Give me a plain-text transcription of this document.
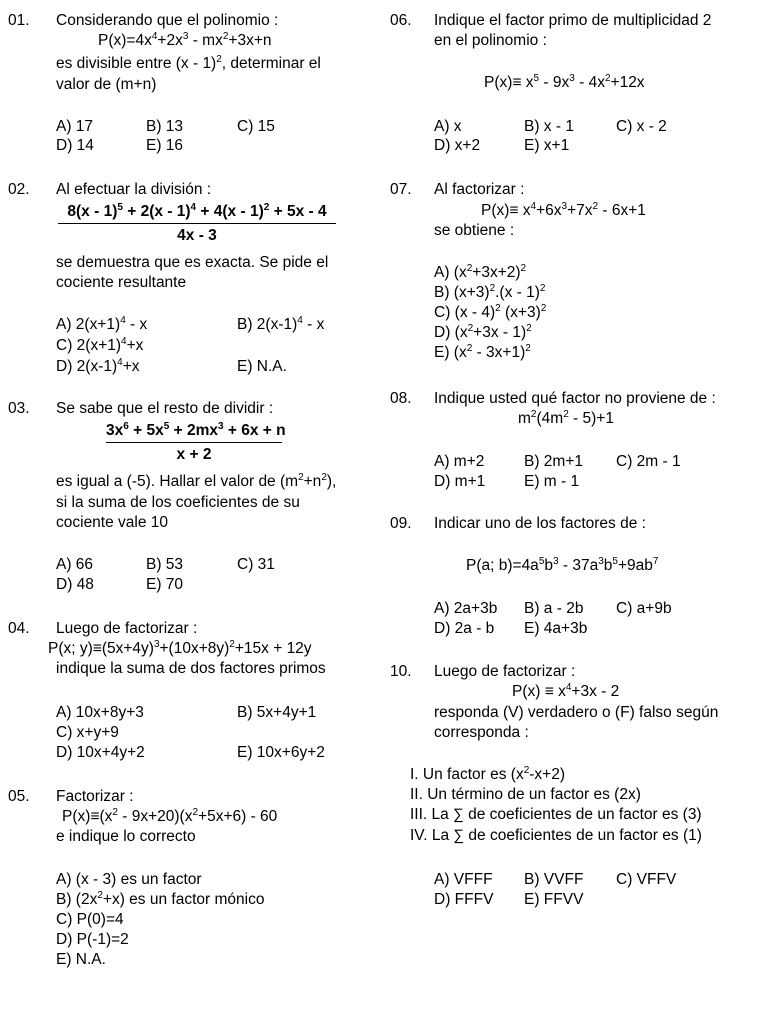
01. Considerando que el polinomio :
$P(x)=4x^4+2x^3 - mx^2+3x+n$
es divisible entre (x - 1)$^2$, determinar el
valor de (m+n)
A) 17	B) 13	C) 15
D) 14	E) 16
02. Al efectuar la división :
8(x - 1)$^5$ + 2(x - 1)$^4$ + 4(x - 1)$^2$ + 5x - 4
4x - 3
se demuestra que es exacta. Se pide el
cociente resultante
A) $2(x+1)^4 - x$	B) $2(x-1)^4$ - x
C) $2(x+1)^4+x$
D) $2(x-1)^4+x$	E) N.A.
03. Se sabe que el resto de dividir :
$3x^6 + 5x^5 + 2mx^3 + 6x + n$
x + 2
es igual a (-5). Hallar el valor de $(m^2+n^2)$,
si la suma de los coeficientes de su
cociente vale 10
A) 66	B) 53	C) 31
D) 48	E) 70
04. Luego de factorizar :
P(x; $y)\equiv(5x+4y)^3+(10x+8y)^2+15x + 12y$
indique la suma de dos factores primos
A) 10x+8y+3	B) 5x+4y+1
C) x+y+9
D) 10x+4y+2	E) 10x+6y+2
05. Factorizar :
$P(x)\equiv(x^2 - 9x+20)(x^2+5x+6) - 60$
e indique lo correcto
A) (x - 3) es un factor
B) $(2x^2+x)$ es un factor mónico
C) P(0)=4
D) P(-1)=2
E) N.A.
06. Indique el factor primo de multiplicidad 2
en el polinomio :
$P(x)\equiv x^5 - 9x^3 - 4x^2+12x$
A) x	B) x - 1	C) x - 2
D) x+2	E) x+1
07. Al factorizar :
$P(x)\equiv x^4+6x^3+7x^2 - 6x+1$
se obtiene :
A) $(x^2+3x+2)^2$
B) $(x+3)^2.(x - 1)^2$
C) (x - 4)$^2$ $(x+3)^2$
D) $(x^2+3x - 1)^2$
E) $(x^2 - 3x+1)^2$
08. Indique usted qué factor no proviene de :
$m^2(4m^2 - 5)+1$
A) m+2	B) 2m+1 C) 2m - 1
D) m+1	E) m - 1
09. Indicar uno de los factores de :
P(a; $b)=4a^5b^3 - 37a^3b^5+9ab^7$
A) 2a+3b B) a - 2b C) a+9b
D) 2a - b E) 4a+3b
10. Luego de factorizar :
$P(x) \equiv x^4+3x - 2$
responda (V) verdadero o (F) falso según
corresponda :
I. Un factor es $(x^2-x+2)$
II. Un término de un factor es (2x)
III. La ∑ de coeficientes de un factor es (3)
IV. La ∑ de coeficientes de un factor es (1)
A) VFFF B) VVFF C) VFFV
D) FFFV E) FFVV
